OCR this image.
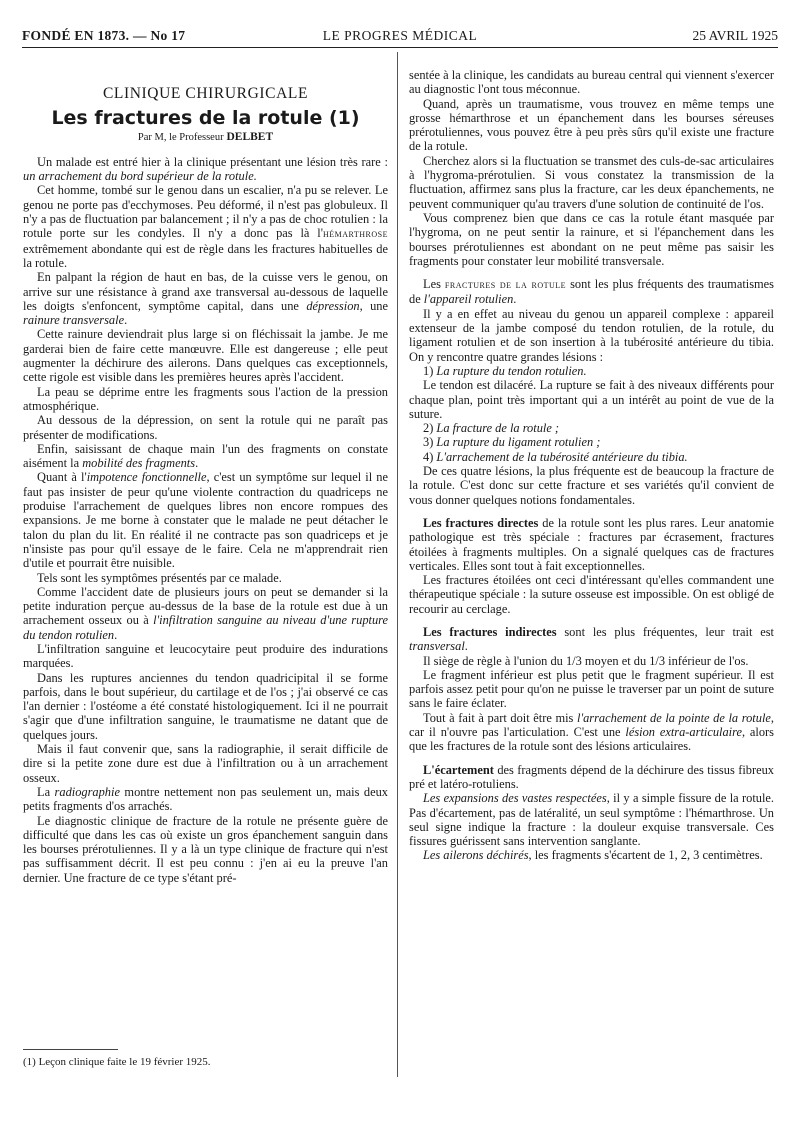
FONDÉ EN 1873. — No 17	LE PROGRES MÉDICAL	25 AVRIL 1925

CLINIQUE CHIRURGICALE

Les fractures de la rotule (1)

Par M, le Professeur DELBET

Un malade est entré hier à la clinique présentant une lésion très rare : un arrachement du bord supérieur de la rotule.

Cet homme, tombé sur le genou dans un escalier, n'a pu se relever. Le genou ne porte pas d'ecchymoses. Peu déformé, il n'est pas globuleux. Il n'y a pas de fluctuation par balancement ; il n'y a pas de choc rotulien : la rotule porte sur les condyles. Il n'y a donc pas là l'hémarthrose extrêmement abondante qui est de règle dans les fractures habituelles de la rotule.

En palpant la région de haut en bas, de la cuisse vers le genou, on arrive sur une résistance à grand axe transversal au-dessous de laquelle les doigts s'enfoncent, symptôme capital, dans une dépression, une rainure transversale.

Cette rainure deviendrait plus large si on fléchissait la jambe. Je me garderai bien de faire cette manœuvre. Elle est dangereuse ; elle peut augmenter la déchirure des ailerons. Dans quelques cas exceptionnels, cette rigole est visible dans les premières heures après l'accident.

La peau se déprime entre les fragments sous l'action de la pression atmosphérique.

Au dessous de la dépression, on sent la rotule qui ne paraît pas présenter de modifications.

Enfin, saisissant de chaque main l'un des fragments on constate aisément la mobilité des fragments.

Quant à l'impotence fonctionnelle, c'est un symptôme sur lequel il ne faut pas insister de peur qu'une violente contraction du quadriceps ne produise l'arrachement de quelques libres non encore rompues des expansions. Je me borne à constater que le malade ne peut détacher le talon du plan du lit. En réalité il ne contracte pas son quadriceps et je n'insiste pas pour qu'il essaye de le faire. Cela ne m'apprendrait rien d'utile et pourrait être nuisible.

Tels sont les symptômes présentés par ce malade.

Comme l'accident date de plusieurs jours on peut se demander si la petite induration perçue au-dessus de la base de la rotule est due à un arrachement osseux ou à l'infiltration sanguine au niveau d'une rupture du tendon rotulien.

L'infiltration sanguine et leucocytaire peut produire des indurations marquées.

Dans les ruptures anciennes du tendon quadricipital il se forme parfois, dans le bout supérieur, du cartilage et de l'os ; j'ai observé ce cas l'an dernier : l'ostéome a été constaté histologiquement. Ici il ne pourrait s'agir que d'une infiltration sanguine, le traumatisme ne datant que de quelques jours.

Mais il faut convenir que, sans la radiographie, il serait difficile de dire si la petite zone dure est due à l'infiltration ou à un arrachement osseux.

La radiographie montre nettement non pas seulement un, mais deux petits fragments d'os arrachés.

Le diagnostic clinique de fracture de la rotule ne présente guère de difficulté que dans les cas où existe un gros épanchement sanguin dans les bourses prérotuliennes. Il y a là un type clinique de fracture qui n'est pas suffisamment décrit. Il est peu connu : j'en ai eu la preuve l'an dernier. Une fracture de ce type s'étant pré-

sentée à la clinique, les candidats au bureau central qui viennent s'exercer au diagnostic l'ont tous méconnue.

Quand, après un traumatisme, vous trouvez en même temps une grosse hémarthrose et un épanchement dans les bourses séreuses prérotuliennes, vous pouvez être à peu près sûrs qu'il existe une fracture de la rotule.

Cherchez alors si la fluctuation se transmet des culs-de-sac articulaires à l'hygroma-prérotulien. Si vous constatez la transmission de la fluctuation, affirmez sans plus la fracture, car les deux épanchements, ne peuvent communiquer qu'au travers d'une solution de continuité de l'os.

Vous comprenez bien que dans ce cas la rotule étant masquée par l'hygroma, on ne peut sentir la rainure, et si l'épanchement dans les bourses prérotuliennes est abondant on ne peut même pas saisir les fragments pour constater leur mobilité transversale.

Les fractures de la rotule sont les plus fréquents des traumatismes de l'appareil rotulien.

Il y a en effet au niveau du genou un appareil complexe : appareil extenseur de la jambe composé du tendon rotulien, de la rotule, du ligament rotulien et de son insertion à la tubérosité antérieure du tibia. On y rencontre quatre grandes lésions :

1) La rupture du tendon rotulien.

Le tendon est dilacéré. La rupture se fait à des niveaux différents pour chaque plan, point très important qui a un intérêt au point de vue de la suture.

2) La fracture de la rotule ;

3) La rupture du ligament rotulien ;

4) L'arrachement de la tubérosité antérieure du tibia.

De ces quatre lésions, la plus fréquente est de beaucoup la fracture de la rotule. C'est donc sur cette fracture et ses variétés qu'il convient de vous donner quelques notions fondamentales.

Les fractures directes de la rotule sont les plus rares. Leur anatomie pathologique est très spéciale : fractures par écrasement, fractures étoilées à fragments multiples. On a signalé quelques cas de fractures verticales. Elles sont tout à fait exceptionnelles.

Les fractures étoilées ont ceci d'intéressant qu'elles commandent une thérapeutique spéciale : la suture osseuse est impossible. On est obligé de recourir au cerclage.

Les fractures indirectes sont les plus fréquentes, leur trait est transversal.

Il siège de règle à l'union du 1/3 moyen et du 1/3 inférieur de l'os.

Le fragment inférieur est plus petit que le fragment supérieur. Il est parfois assez petit pour qu'on ne puisse le traverser par un point de suture sans le faire éclater.

Tout à fait à part doit être mis l'arrachement de la pointe de la rotule, car il n'ouvre pas l'articulation. C'est une lésion extra-articulaire, alors que les fractures de la rotule sont des lésions articulaires.

L'écartement des fragments dépend de la déchirure des tissus fibreux pré et latéro-rotuliens.

Les expansions des vastes respectées, il y a simple fissure de la rotule. Pas d'écartement, pas de latéralité, un seul symptôme : l'hémarthrose. Un seul signe indique la fracture : la douleur exquise transversale. Ces fissures guérissent sans intervention sanglante.

Les ailerons déchirés, les fragments s'écartent de 1, 2, 3 centimètres.

(1) Leçon clinique faite le 19 février 1925.
